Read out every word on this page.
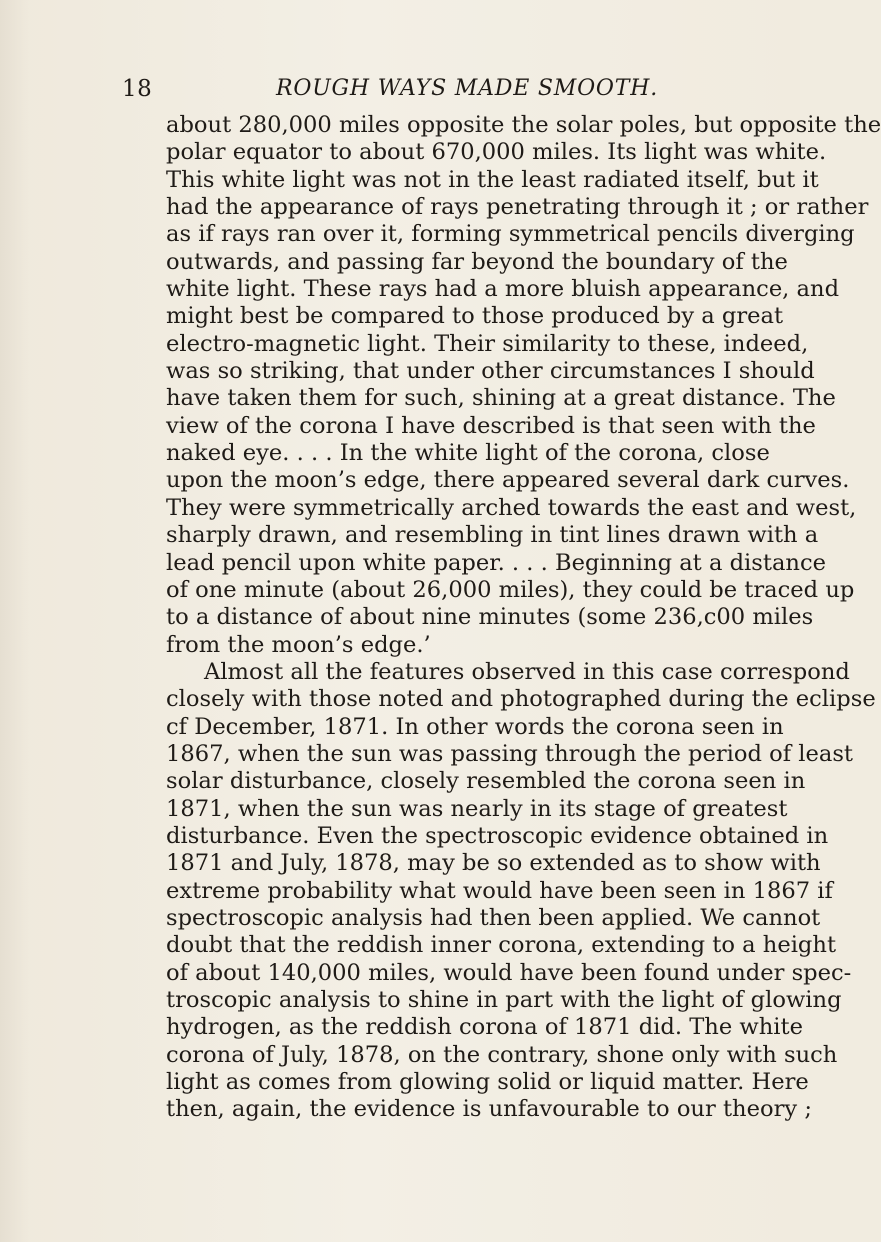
18	ROUGH WAYS MADE SMOOTH.
about 280,000 miles opposite the solar poles, but opposite the
polar equator to about 670,000 miles. Its light was white.
This white light was not in the least radiated itself, but it
had the appearance of rays penetrating through it ; or rather
as if rays ran over it, forming symmetrical pencils diverging
outwards, and passing far beyond the boundary of the
white light. These rays had a more bluish appearance, and
might best be compared to those produced by a great
electro-magnetic light. Their similarity to these, indeed,
was so striking, that under other circumstances I should
have taken them for such, shining at a great distance. The
view of the corona I have described is that seen with the
naked eye. . . . In the white light of the corona, close
upon the moon’s edge, there appeared several dark curves.
They were symmetrically arched towards the east and west,
sharply drawn, and resembling in tint lines drawn with a
lead pencil upon white paper. . . . Beginning at a distance
of one minute (about 26,000 miles), they could be traced up
to a distance of about nine minutes (some 236,c00 miles
from the moon’s edge.’
Almost all the features observed in this case correspond
closely with those noted and photographed during the eclipse
cf December, 1871. In other words the corona seen in
1867, when the sun was passing through the period of least
solar disturbance, closely resembled the corona seen in
1871, when the sun was nearly in its stage of greatest
disturbance. Even the spectroscopic evidence obtained in
1871 and July, 1878, may be so extended as to show with
extreme probability what would have been seen in 1867 if
spectroscopic analysis had then been applied. We cannot
doubt that the reddish inner corona, extending to a height
of about 140,000 miles, would have been found under spec-
troscopic analysis to shine in part with the light of glowing
hydrogen, as the reddish corona of 1871 did. The white
corona of July, 1878, on the contrary, shone only with such
light as comes from glowing solid or liquid matter. Here
then, again, the evidence is unfavourable to our theory ;
